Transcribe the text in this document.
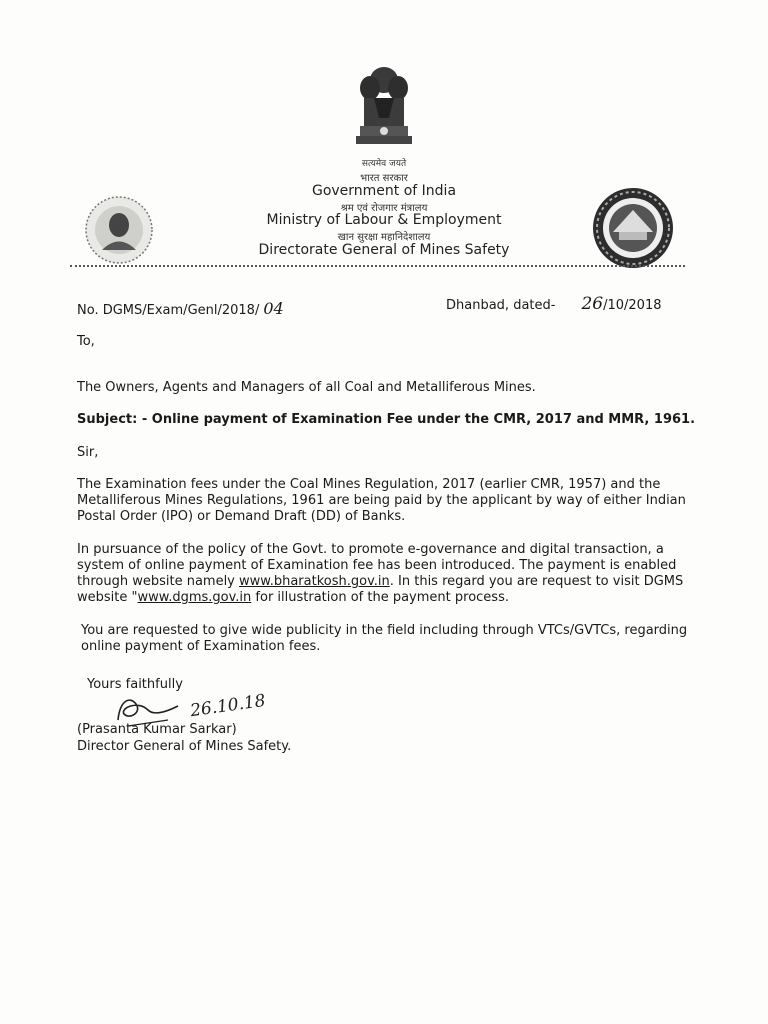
सत्यमेव जयते
भारत सरकार
Government of India
श्रम एवं रोजगार मंत्रालय
Ministry of Labour & Employment
खान सुरक्षा महानिदेशालय
Directorate General of Mines Safety
No. DGMS/Exam/Genl/2018/ 04	Dhanbad, dated- 26/10/2018
To,
The Owners, Agents and Managers of all Coal and Metalliferous Mines.
Subject: - Online payment of Examination Fee under the CMR, 2017 and MMR, 1961.
Sir,
The Examination fees under the Coal Mines Regulation, 2017 (earlier CMR, 1957) and the
Metalliferous Mines Regulations, 1961 are being paid by the applicant by way of either Indian
Postal Order (IPO) or Demand Draft (DD) of Banks.
In pursuance of the policy of the Govt. to promote e-governance and digital transaction, a
system of online payment of Examination fee has been introduced. The payment is enabled
through website namely www.bharatkosh.gov.in. In this regard you are request to visit DGMS
website "www.dgms.gov.in for illustration of the payment process.
You are requested to give wide publicity in the field including through VTCs/GVTCs, regarding
online payment of Examination fees.
Yours faithfully
26.10.18
(Prasanta Kumar Sarkar)
Director General of Mines Safety.
